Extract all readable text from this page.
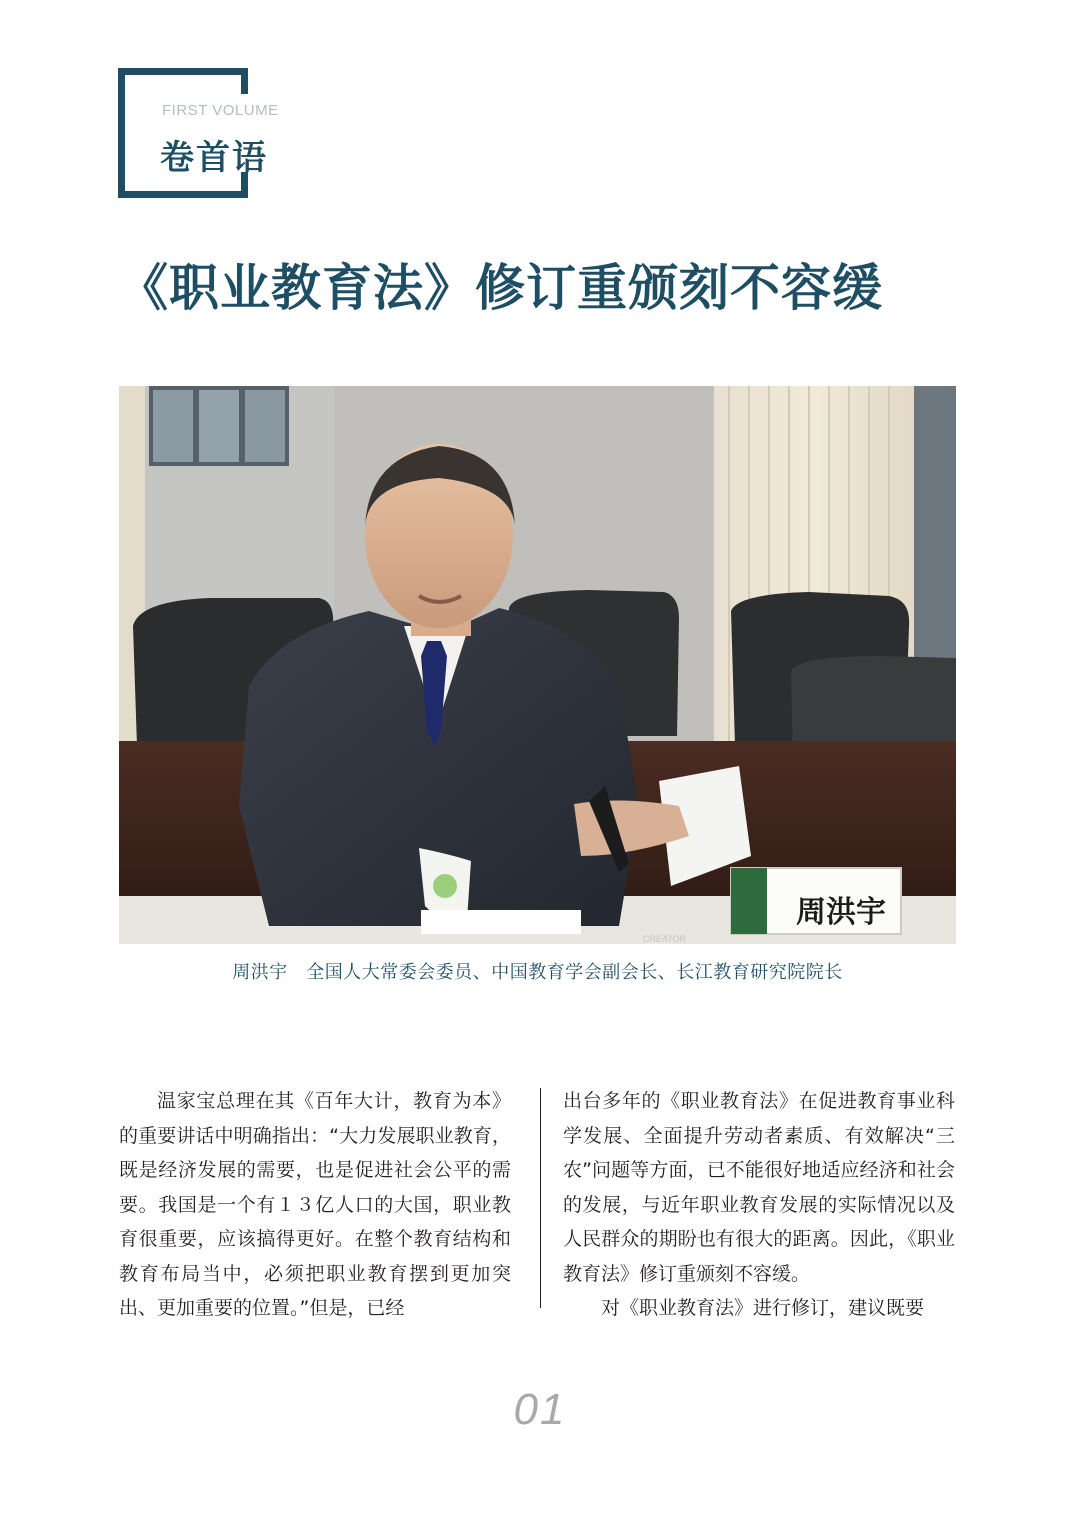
FIRST VOLUME
卷首语
《职业教育法》修订重颁刻不容缓
周洪宇
CREATOR
周洪宇　全国人大常委会委员、中国教育学会副会长、长江教育研究院院长

温家宝总理在其《百年大计，教育为本》的重要讲话中明确指出：“大力发展职业教育，既是经济发展的需要，也是促进社会公平的需要。我国是一个有１３亿人口的大国，职业教育很重要，应该搞得更好。在整个教育结构和教育布局当中，必须把职业教育摆到更加突出、更加重要的位置。”但是，已经

出台多年的《职业教育法》在促进教育事业科学发展、全面提升劳动者素质、有效解决“三农”问题等方面，已不能很好地适应经济和社会的发展，与近年职业教育发展的实际情况以及人民群众的期盼也有很大的距离。因此，《职业教育法》修订重颁刻不容缓。

对《职业教育法》进行修订，建议既要

01
